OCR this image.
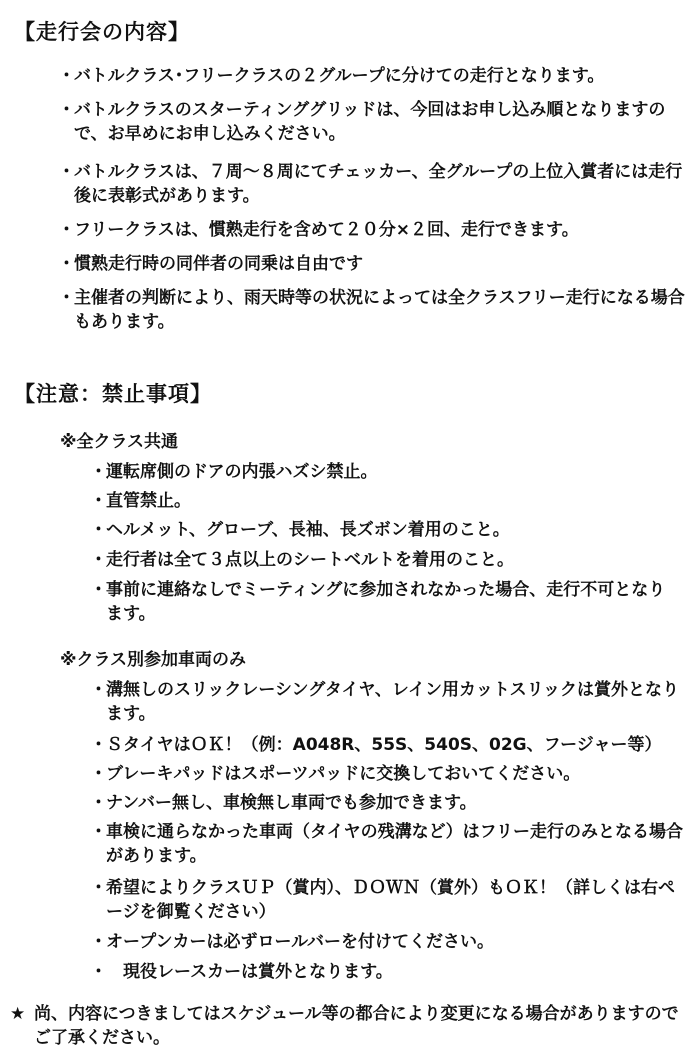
【走行会の内容】
・ バトルクラス･フリークラスの２グループに分けての走行となります。
・ バトルクラスのスターティンググリッドは、今回はお申し込み順となりますので、お早めにお申し込みください。
・ バトルクラスは、７周～８周にてチェッカー、全グループの上位入賞者には走行後に表彰式があります。
・ フリークラスは、慣熟走行を含めて２０分×２回、走行できます。
・ 慣熟走行時の同伴者の同乗は自由です
・ 主催者の判断により、雨天時等の状況によっては全クラスフリー走行になる場合もあります。
【注意：禁止事項】
※全クラス共通
・ 運転席側のドアの内張ハズシ禁止。
・ 直管禁止。
・ ヘルメット、グローブ、長袖、長ズボン着用のこと。
・ 走行者は全て３点以上のシートベルトを着用のこと。
・ 事前に連絡なしでミーティングに参加されなかった場合、走行不可となります。
※クラス別参加車両のみ
・ 溝無しのスリックレーシングタイヤ、レイン用カットスリックは賞外となります。
・ ＳタイヤはＯＫ！（例：A048R、55S、540S、02G、フージャー等）
・ ブレーキパッドはスポーツパッドに交換しておいてください。
・ ナンバー無し、車検無し車両でも参加できます。
・ 車検に通らなかった車両（タイヤの残溝など）はフリー走行のみとなる場合があります。
・ 希望によりクラスＵＰ（賞内）、ＤＯＷＮ（賞外）もＯＫ！（詳しくは右ページを御覧ください）
・ オープンカーは必ずロールバーを付けてください。
・ 　現役レースカーは賞外となります。
★ 尚、内容につきましてはスケジュール等の都合により変更になる場合がありますのでご了承ください。
